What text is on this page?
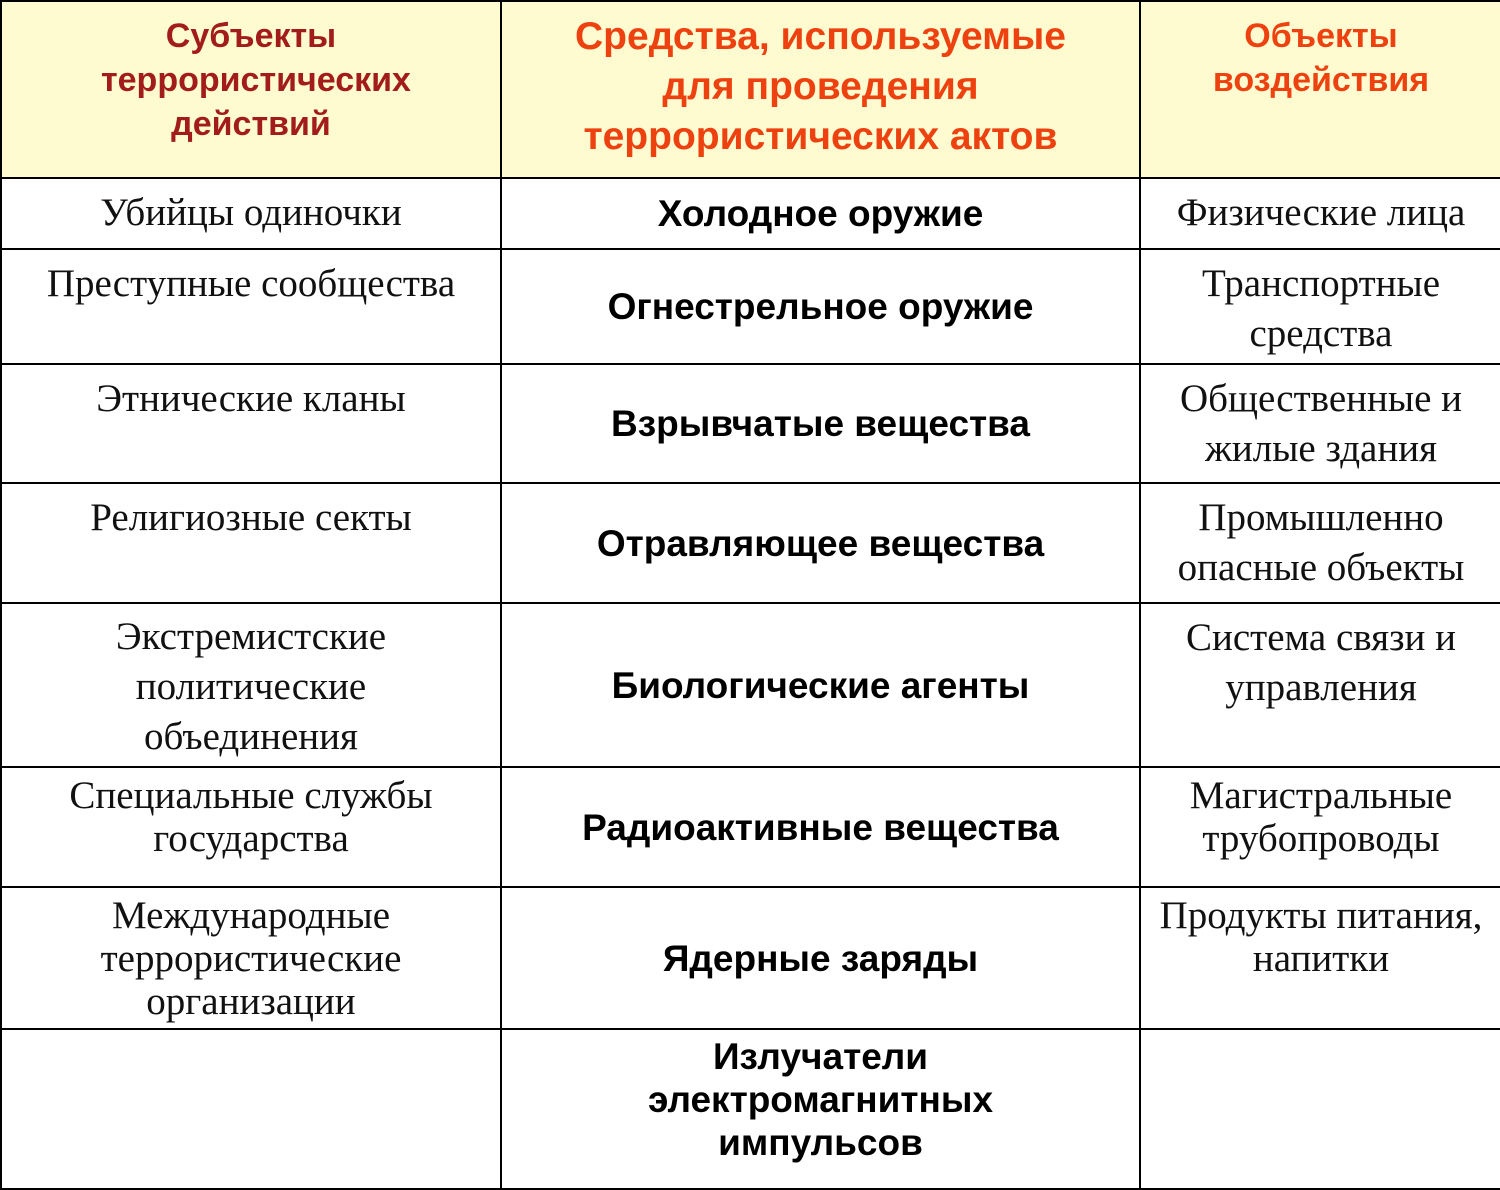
Субъекты террористических действий	Средства, используемые для проведения террористических актов	Объекты воздействия

Убийцы одиночки	Холодное оружие	Физические лица
Преступные сообщества	Огнестрельное оружие	Транспортные средства

Этнические кланы	Взрывчатые вещества	Общественные и жилые здания
Религиозные секты	Отравляющее вещества	Промышленно опасные объекты

Экстремистские политические объединения	Биологические агенты	Система связи и управления

Специальные службы государства	Радиоактивные вещества	Магистральные трубопроводы

Международные террористические организации	Ядерные заряды	Продукты питания, напитки

	Излучатели электромагнитных импульсов	
